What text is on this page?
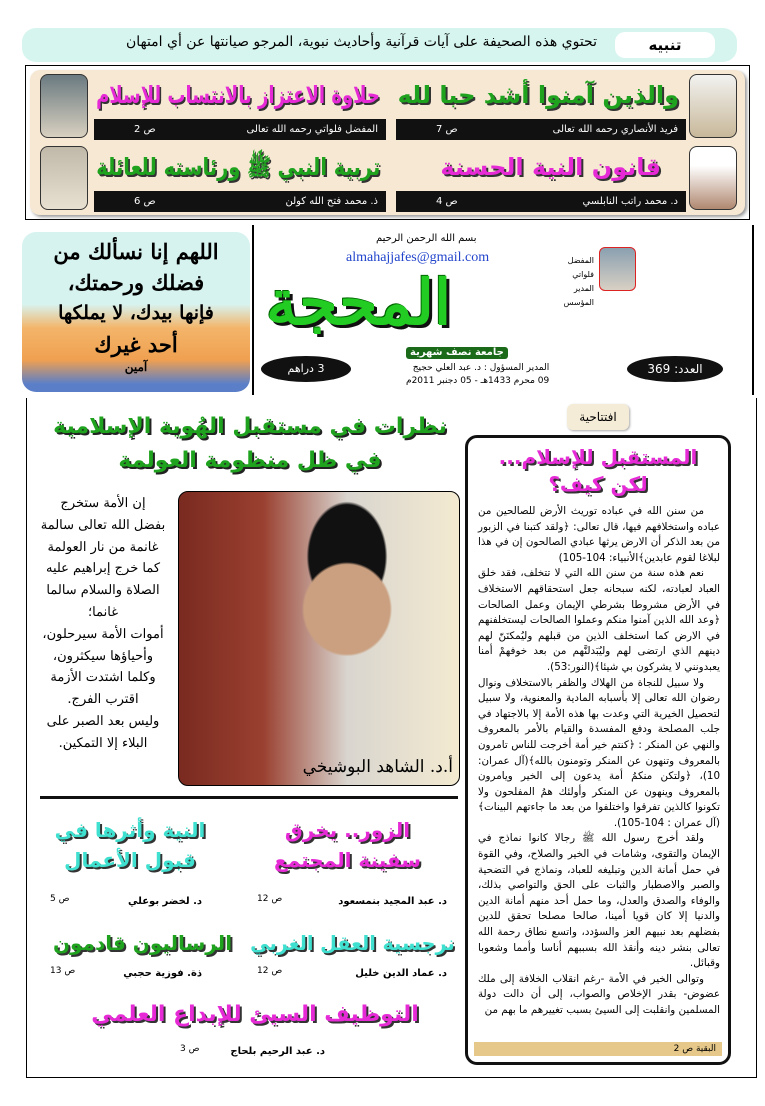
تنبيه
تحتوي هذه الصحيفة على آيات قرآنية وأحاديث نبوية، المرجو صيانتها عن أي امتهان
والذين آمنوا أشد حبا لله
فريد الأنصاري رحمه الله تعالى
ص 7
حلاوة الاعتزاز بالانتساب للإسلام
المفضل فلواتي رحمه الله تعالى
ص 2
قانون النية الحسنة
د. محمد راتب النابلسي
ص 4
تربية النبي ﷺ ورئاسته للعائلة
ذ. محمد فتح الله كولن
ص 6
اللهم إنا نسألك من
فضلك ورحمتك،
فإنها بيدك، لا يملكها
أحد غيرك
آمين
بسم الله الرحمن الرحيم
almahajjafes@gmail.com
المحجة
جامعة نصف شهرية
المفضل فلواتي
المدير المؤسس
العدد: 369
3 دراهم	المدير المسؤول : د. عبد العلي حجيج
09 محرم 1433هـ - 05 دجنبر 2011م
افتتاحية
المستقبل للإسلام...
لكن كيف؟

من سنن الله في عباده توريث الأرض للصالحين من عباده واستخلافهم فيها، قال تعالى: ﴿ولقد كتبنا في الزبور من بعد الذكر أن الارض يرثها عبادي الصالحون إن في هذا لبلاغا لقوم عابدين﴾الأنبياء: 104-105)

نعم هذه سنة من سنن الله التي لا تتخلف، فقد خلق العباد لعبادته، لكنه سبحانه جعل استحقاقهم الاستخلاف في الأرض مشروطا بشرطي الإيمان وعمل الصالحات ﴿وعد الله الذين آمنوا منكم وعملوا الصالحات ليستخلفنهم في الارض كما استخلف الذين من قبلهم وليُمكنَنّ لهم دينهم الذي ارتضى لهم وليُبَدلنَّهم من بعد خوفهمْ أمنا يعبدونني لا يشركون بي شيئا﴾(النور:53).

ولا سبيل للنجاة من الهلاك والظفر بالاستخلاف ونوال رضوان الله تعالى إلا بأسبابه المادية والمعنوية، ولا سبيل لتحصيل الخيرية التي وعدت بها هذه الأمة إلا بالاجتهاد في جلب المصلحة ودفع المفسدة والقيام بالأمر بالمعروف والنهي عن المنكر : ﴿كنتم خير أمة أخرجت للناس تامرون بالمعروف وتنهون عن المنكر وتومنون بالله﴾(آل عمران: 10)، ﴿ولتكن منكمُ أمة يدعون إلى الخير ويامرون بالمعروف وينهون عن المنكر وأولئك همُ المفلحون ولا تكونوا كالذين تفرقوا واختلفوا من بعد ما جاءتهم البينات﴾(آل عمران : 104-105).

ولقد أخرج رسول الله ﷺ رجالا كانوا نماذج في الإيمان والتقوى، وشامات في الخير والصلاح، وفي القوة في حمل أمانة الدين وتبليغه للعباد، ونماذج في التضحية والصبر والاصطبار والثبات على الحق والتواصي بذلك، والوفاء والصدق والعدل، وما حمل أحد منهم أمانة الدين والدنيا إلا كان قويا أمينا، صالحا مصلحا تحقق للدين بفضلهم بعد نبيهم العز والسؤدد، واتسع نطاق رحمة الله تعالى بنشر دينه وأنقذ الله بسببهم أناسا وأمما وشعوبا وقبائل.

وتوالى الخير في الأمة -رغم انقلاب الخلافة إلى ملك عضوض- بقدر الإخلاص والصواب، إلى أن دالت دولة المسلمين وانقلبت إلى السيئ بسبب تغييرهم ما بهم من

البقية ص 2
نظرات في مستقبل الهُوية الإسلامية
في ظل منظومة العولمة
أ.د. الشاهد البوشيخي
إن الأمة ستخرج
بفضل الله تعالى سالمة
غانمة من نار العولمة
كما خرج إبراهيم عليه
الصلاة والسلام سالما
غانما؛
أموات الأمة سيرحلون،
وأحياؤها سيكثرون،
وكلما اشتدت الأزمة
اقترب الفرج.
وليس بعد الصبر على
البلاء إلا التمكين.
الزور.. يخرق
سفينة المجتمع
د. عبد المجيد بنمسعود
ص 12
النية وأثرها في
قبول الأعمال
د. لخضر بوعلي
ص 5
نرجسية العقل الغربي
د. عماد الدين خليل
ص 12
الرساليون قادمون
ذة. فوزية حجبي
ص 13
التوظيف السيئ للإبداع العلمي
د. عبد الرحيم بلحاج
ص 3
